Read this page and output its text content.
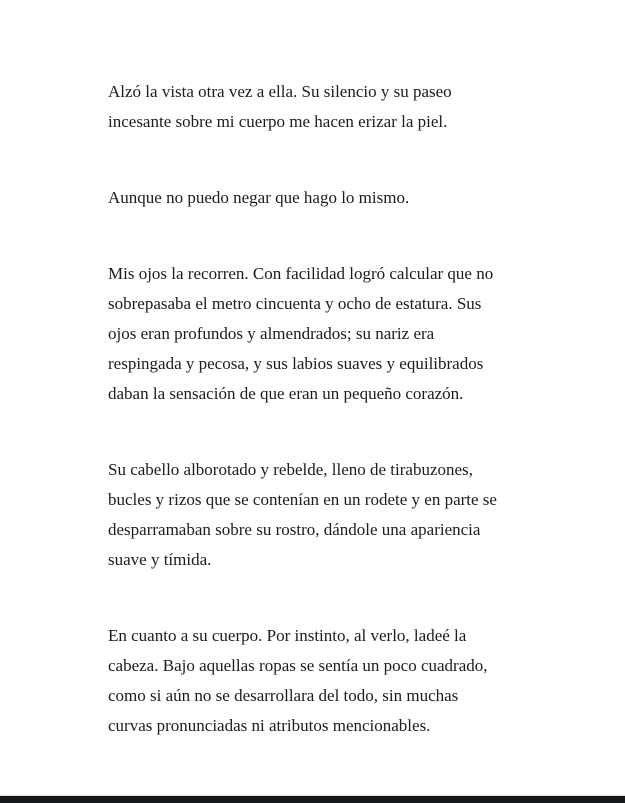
Alzó la vista otra vez a ella. Su silencio y su paseo
incesante sobre mi cuerpo me hacen erizar la piel.

Aunque no puedo negar que hago lo mismo.

Mis ojos la recorren. Con facilidad logró calcular que no
sobrepasaba el metro cincuenta y ocho de estatura. Sus
ojos eran profundos y almendrados; su nariz era
respingada y pecosa, y sus labios suaves y equilibrados
daban la sensación de que eran un pequeño corazón.

Su cabello alborotado y rebelde, lleno de tirabuzones,
bucles y rizos que se contenían en un rodete y en parte se
desparramaban sobre su rostro, dándole una apariencia
suave y tímida.

En cuanto a su cuerpo. Por instinto, al verlo, ladeé la
cabeza. Bajo aquellas ropas se sentía un poco cuadrado,
como si aún no se desarrollara del todo, sin muchas
curvas pronunciadas ni atributos mencionables.
